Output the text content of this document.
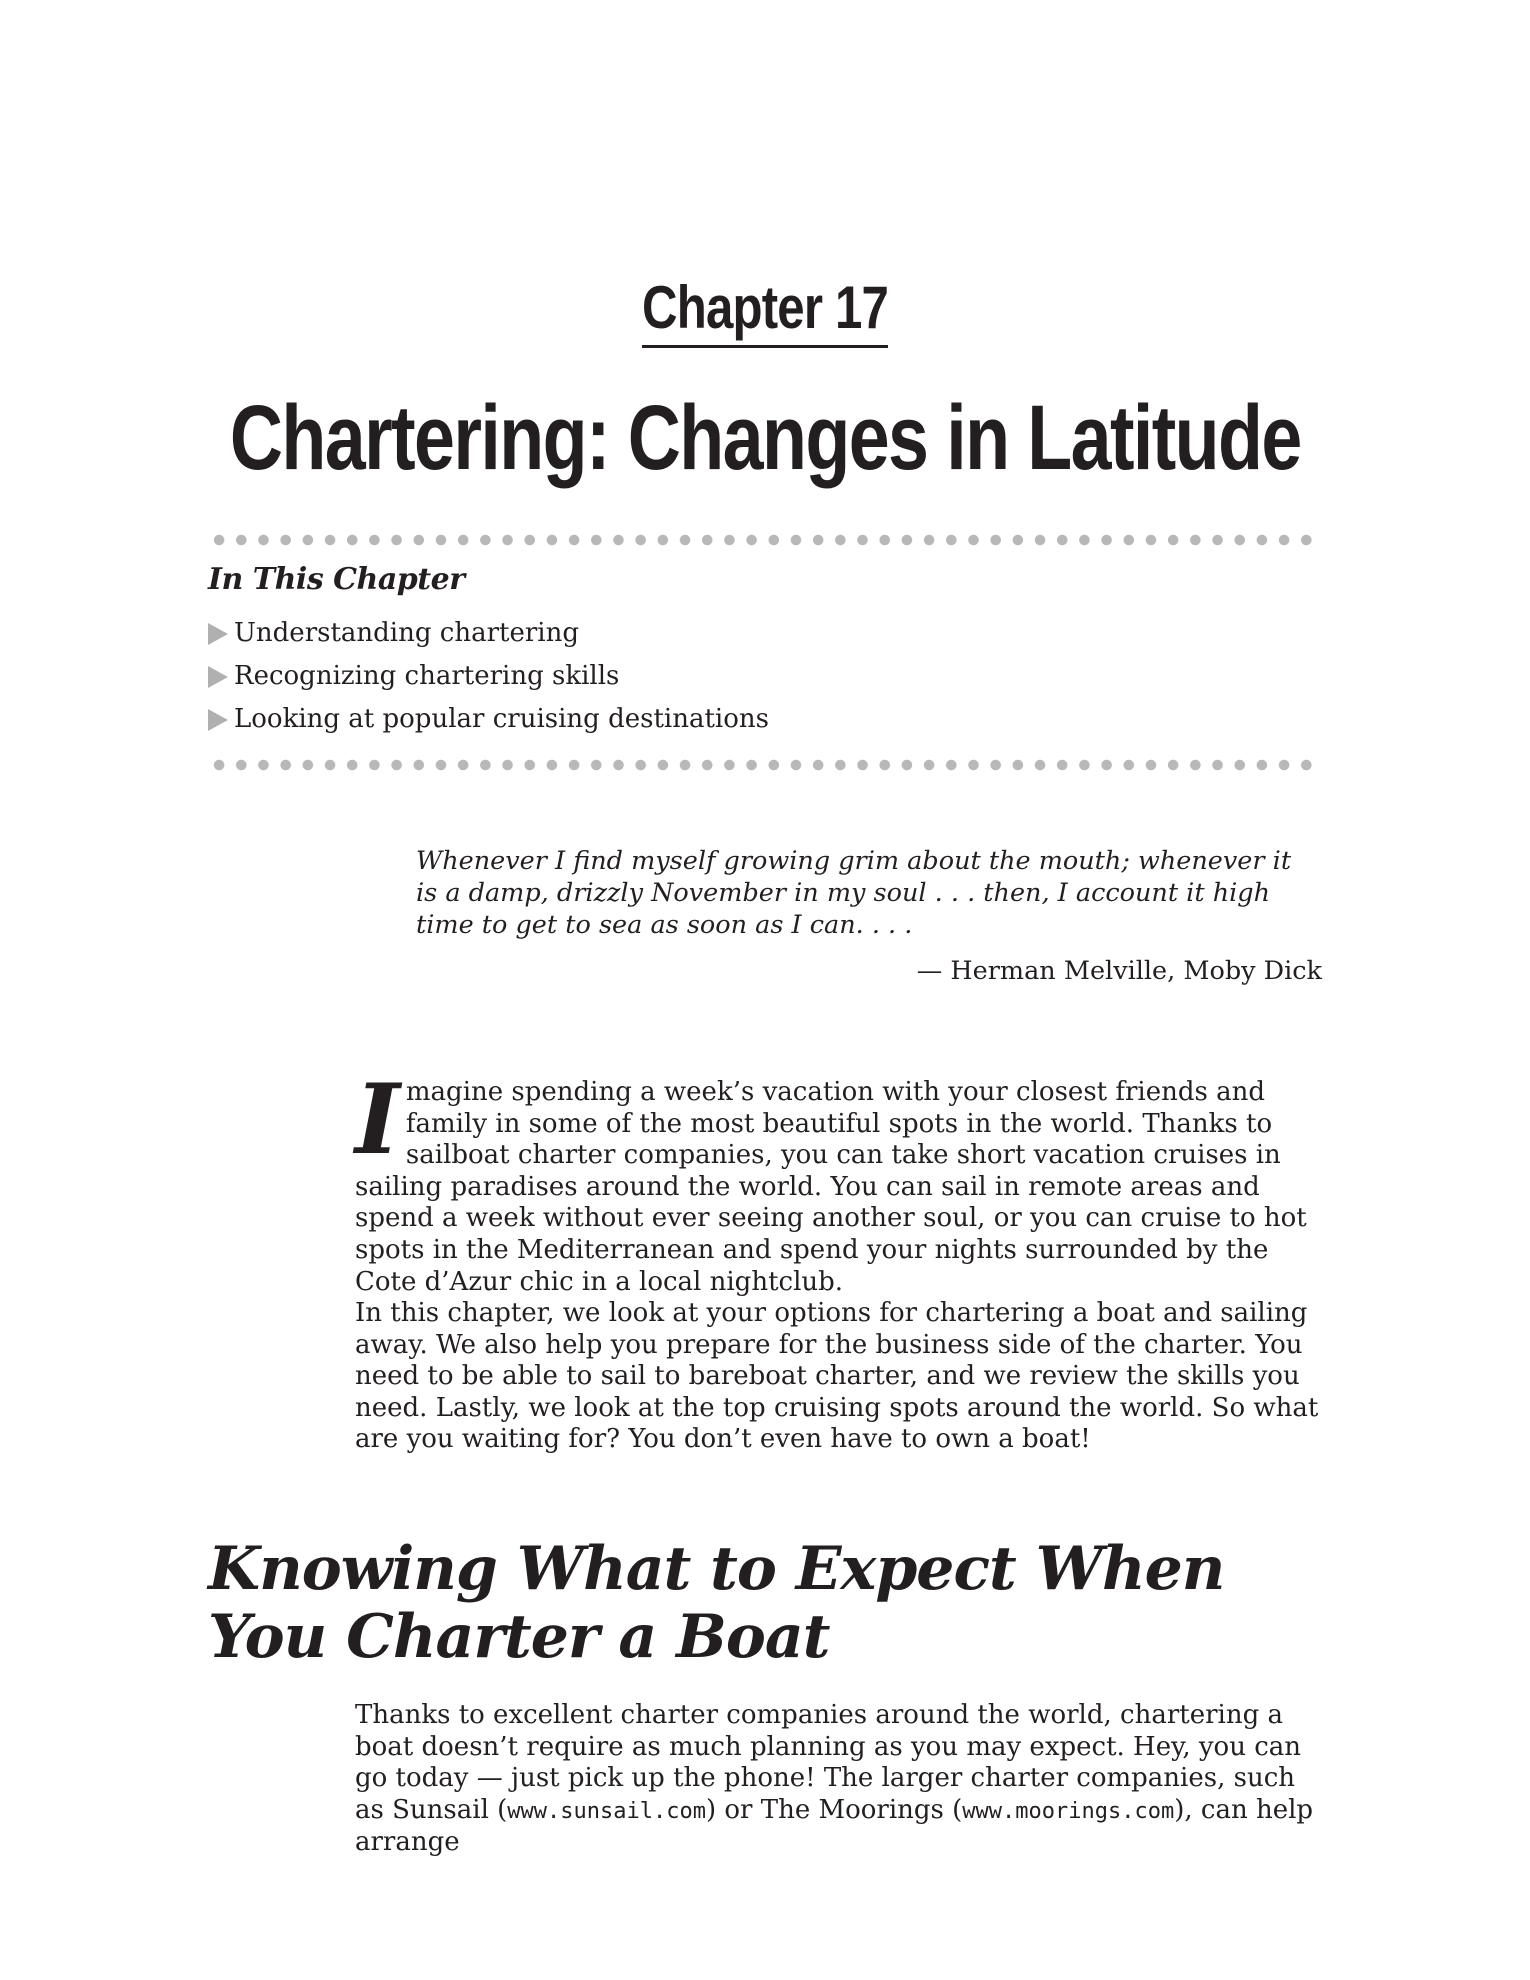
Chapter 17
Chartering: Changes in Latitude
In This Chapter
Understanding chartering
Recognizing chartering skills
Looking at popular cruising destinations

Whenever I find myself growing grim about the mouth; whenever it is a damp, drizzly November in my soul . . . then, I account it high time to get to sea as soon as I can. . . .

— Herman Melville, Moby Dick

Imagine spending a week’s vacation with your closest friends and family in some of the most beautiful spots in the world. Thanks to sailboat charter companies, you can take short vacation cruises in sailing paradises around the world. You can sail in remote areas and spend a week without ever seeing another soul, or you can cruise to hot spots in the Mediterranean and spend your nights surrounded by the Cote d’Azur chic in a local nightclub.

In this chapter, we look at your options for chartering a boat and sailing away. We also help you prepare for the business side of the charter. You need to be able to sail to bareboat charter, and we review the skills you need. Lastly, we look at the top cruising spots around the world. So what are you waiting for? You don’t even have to own a boat!

Knowing What to Expect When
You Charter a Boat

Thanks to excellent charter companies around the world, chartering a boat doesn’t require as much planning as you may expect. Hey, you can go today — just pick up the phone! The larger charter companies, such as Sunsail (www.sunsail.com) or The Moorings (www.moorings.com), can help arrange
